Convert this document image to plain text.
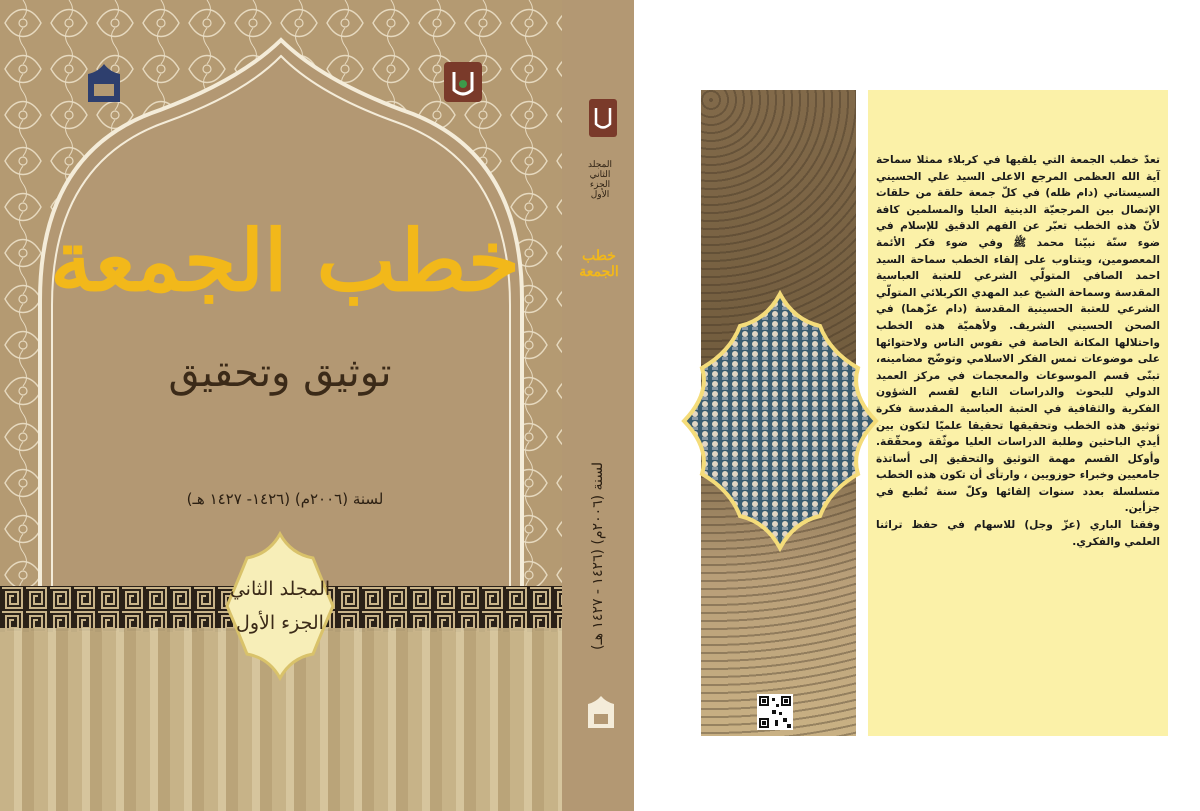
خطب الجمعة
توثيق وتحقيق
لسنة (٢٠٠٦م) (١٤٢٦- ١٤٢٧ هـ)
المجلد الثاني
الجزء الأول
المجلد الثاني الجزء الأول
خطب الجمعة
لسنة (٢٠٠٦م) (١٤٢٦ - ١٤٢٧ هـ)

تعدّ خطب الجمعة التي يلقيها في كربلاء ممثلا سماحة آية الله العظمى المرجع الاعلى السيد علي الحسيني السيستاني (دام ظله) في كلّ جمعة حلقة من حلقات الإتصال بين المرجعيّة الدينية العليا والمسلمين كافة لأنّ هذه الخطب تعبّر عن الفهم الدقيق للإسلام في ضوء سنّة نبيّنا محمد ﷺ وفي ضوء فكر الأئمة المعصومين، ويتناوب على إلقاء الخطب سماحة السيد احمد الصافي المتولّي الشرعي للعتبة العباسية المقدسة وسماحة الشيخ عبد المهدي الكربلائي المتولّي الشرعي للعتبة الحسينية المقدسة (دام عزّهما) في الصحن الحسيني الشريف. ولأهميّة هذه الخطب واحتلالها المكانة الخاصة في نفوس الناس ولاحتوائها على موضوعات تمس الفكر الاسلامي وتوضّح مضامينه، تبنّى قسم الموسوعات والمعجمات في مركز العميد الدولي للبحوث والدراسات التابع لقسم الشؤون الفكرية والثقافية في العتبة العباسية المقدسة فكرة توثيق هذه الخطب وتحقيقها تحقيقا علميّا لتكون بين أيدي الباحثين وطلبة الدراسات العليا موثّقة ومحقّقة. وأوكل القسم مهمة التوثيق والتحقيق إلى أساتذة جامعيين وخبراء حوزويين ، وارتأى أن تكون هذه الخطب متسلسلة بعدد سنوات إلقائها وكلّ سنة تُطبع في جزأين.

وفقنا الباري (عزّ وجل) للاسهام في حفظ تراثنا العلمي والفكري.
